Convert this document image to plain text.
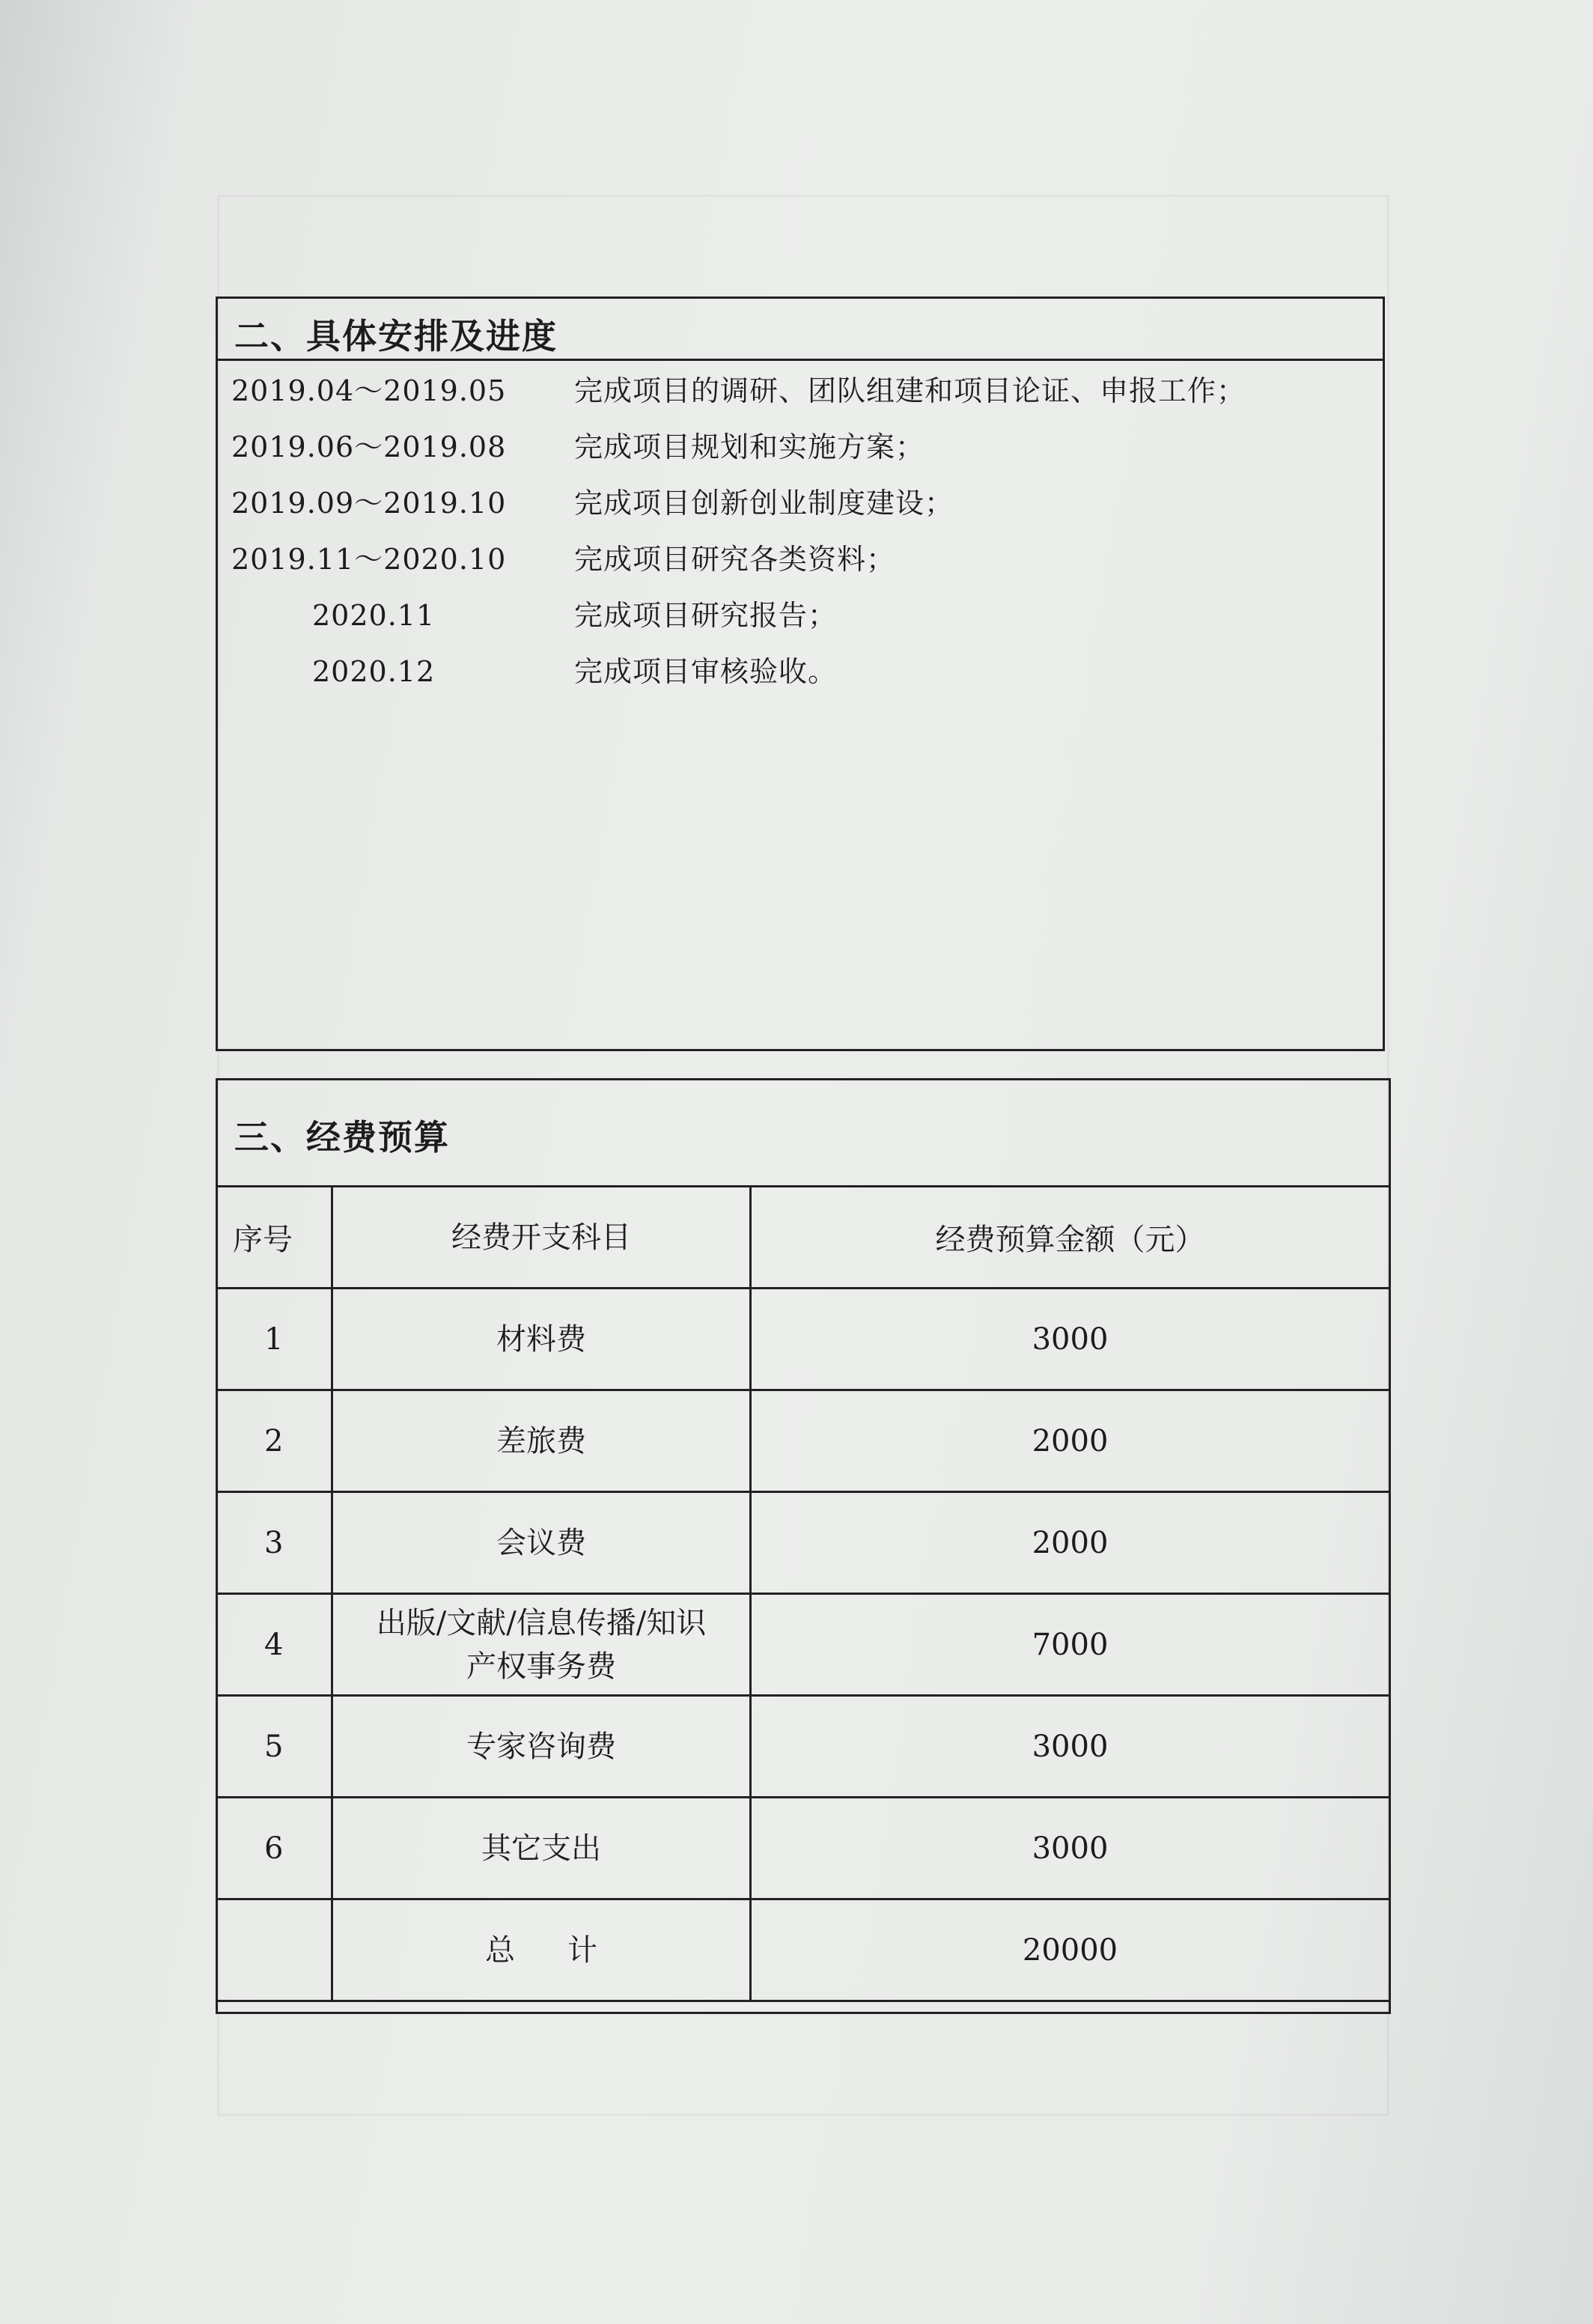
二、具体安排及进度
2019.04～2019.05 完成项目的调研、团队组建和项目论证、申报工作；
2019.06～2019.08 完成项目规划和实施方案；
2019.09～2019.10 完成项目创新创业制度建设；
2019.11～2020.10 完成项目研究各类资料；
2020.11	完成项目研究报告；
2020.12	完成项目审核验收。
三、经费预算
序号	经费开支科目	经费预算金额（元）
1	材料费	3000
2	差旅费	2000
3	会议费	2000
4	出版/文献/信息传播/知识
产权事务费	7000
5	专家咨询费	3000
6	其它支出	3000
	总计	20000
